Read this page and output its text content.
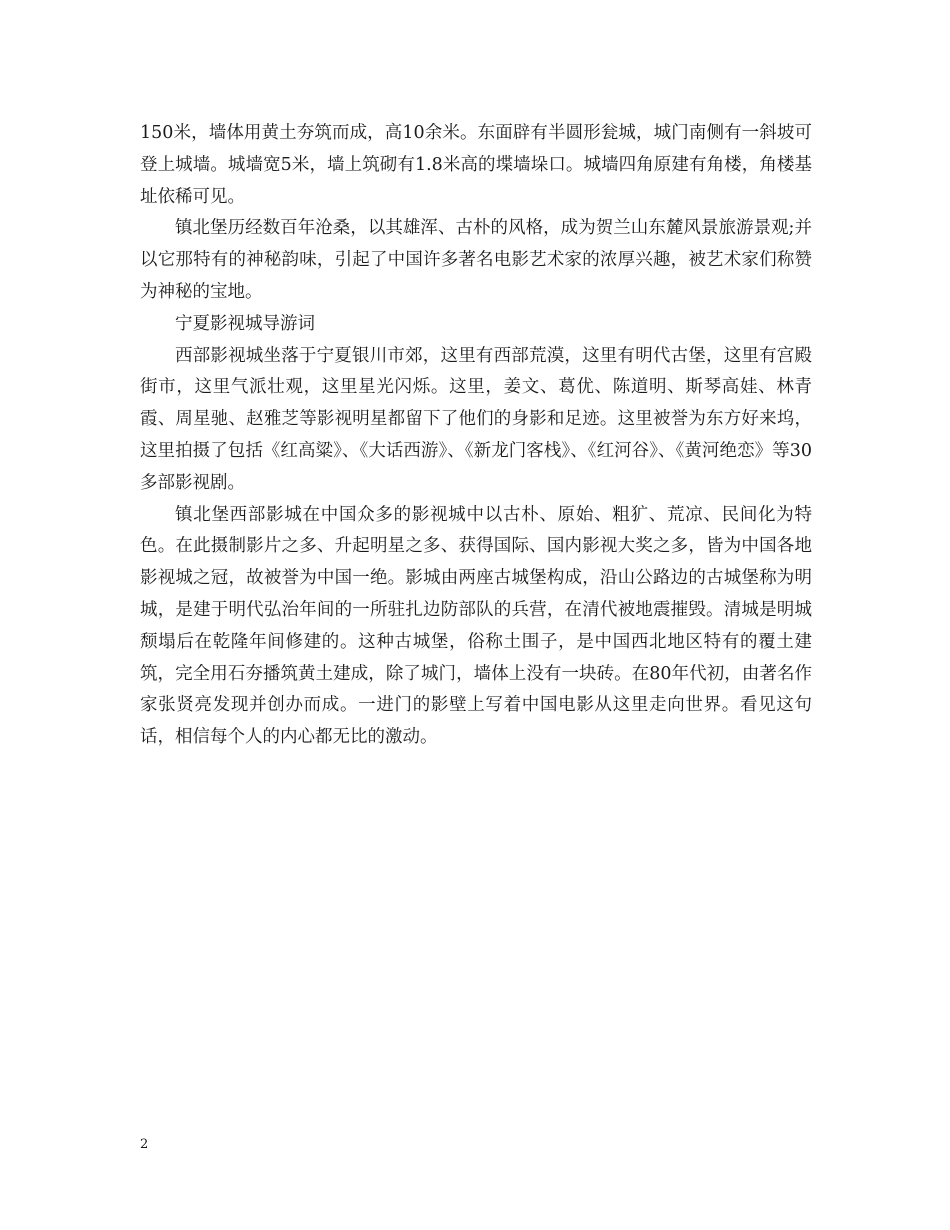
150米，墙体用黄土夯筑而成，高10余米。东面辟有半圆形瓮城，城门南侧有一斜坡可登上城墙。城墙宽5米，墙上筑砌有1.8米高的堞墙垛口。城墙四角原建有角楼，角楼基址依稀可见。

镇北堡历经数百年沧桑，以其雄浑、古朴的风格，成为贺兰山东麓风景旅游景观;并以它那特有的神秘韵味，引起了中国许多著名电影艺术家的浓厚兴趣，被艺术家们称赞为神秘的宝地。

宁夏影视城导游词

西部影视城坐落于宁夏银川市郊，这里有西部荒漠，这里有明代古堡，这里有宫殿街市，这里气派壮观，这里星光闪烁。这里，姜文、葛优、陈道明、斯琴高娃、林青霞、周星驰、赵雅芝等影视明星都留下了他们的身影和足迹。这里被誉为东方好来坞，这里拍摄了包括《红高粱》、《大话西游》、《新龙门客栈》、《红河谷》、《黄河绝恋》等30多部影视剧。

镇北堡西部影城在中国众多的影视城中以古朴、原始、粗犷、荒凉、民间化为特色。在此摄制影片之多、升起明星之多、获得国际、国内影视大奖之多，皆为中国各地影视城之冠，故被誉为中国一绝。影城由两座古城堡构成，沿山公路边的古城堡称为明城，是建于明代弘治年间的一所驻扎边防部队的兵营，在清代被地震摧毁。清城是明城颓塌后在乾隆年间修建的。这种古城堡，俗称土围子，是中国西北地区特有的覆土建筑，完全用石夯播筑黄土建成，除了城门，墙体上没有一块砖。在80年代初，由著名作家张贤亮发现并创办而成。一进门的影壁上写着中国电影从这里走向世界。看见这句话，相信每个人的内心都无比的激动。

2
